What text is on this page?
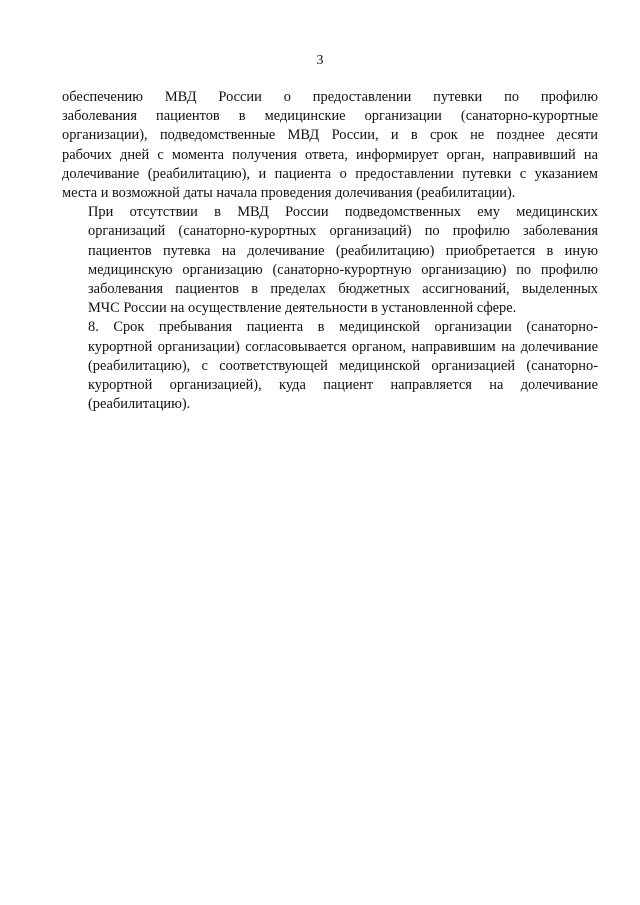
3

обеспечению МВД России о предоставлении путевки по профилю
заболевания пациентов в медицинские организации (санаторно-курортные
организации), подведомственные МВД России, и в срок не позднее десяти
рабочих дней с момента получения ответа, информирует орган, направивший на
долечивание (реабилитацию), и пациента о предоставлении путевки с указанием
места и возможной даты начала проведения долечивания (реабилитации).

При отсутствии в МВД России подведомственных ему медицинских
организаций (санаторно-курортных организаций) по профилю заболевания
пациентов путевка на долечивание (реабилитацию) приобретается в иную
медицинскую организацию (санаторно-курортную организацию) по профилю
заболевания пациентов в пределах бюджетных ассигнований, выделенных
МЧС России на осуществление деятельности в установленной сфере.

8. Срок пребывания пациента в медицинской организации (санаторно-
курортной организации) согласовывается органом, направившим на долечивание
(реабилитацию), с соответствующей медицинской организацией (санаторно-
курортной организацией), куда пациент направляется на долечивание
(реабилитацию).
